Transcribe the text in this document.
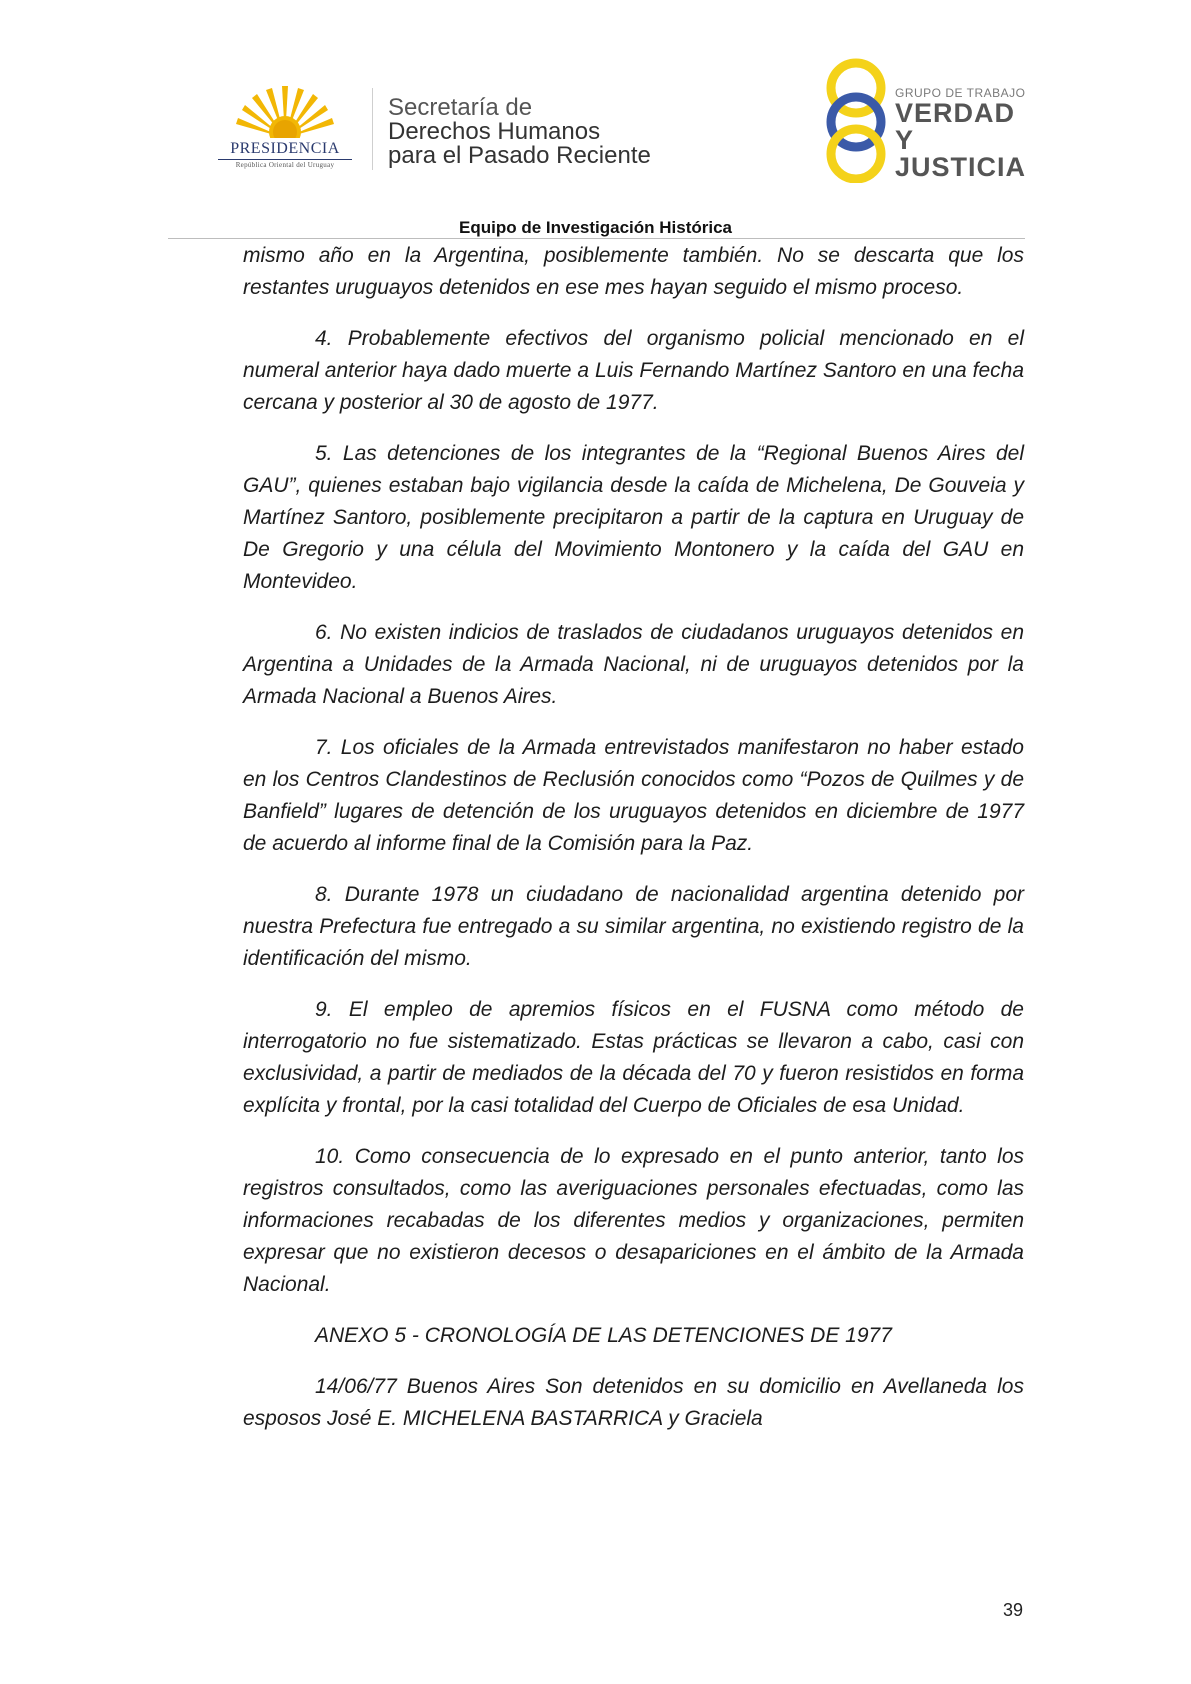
PRESIDENCIA
República Oriental del Uruguay
Secretaría de
Derechos Humanos
para el Pasado Reciente
GRUPO DE TRABAJO
VERDAD Y
JUSTICIA
Equipo de Investigación Histórica

mismo año en la Argentina, posiblemente también. No se descarta que los restantes uruguayos detenidos en ese mes hayan seguido el mismo proceso.

4. Probablemente efectivos del organismo policial mencionado en el numeral anterior haya dado muerte a Luis Fernando Martínez Santoro en una fecha cercana y posterior al 30 de agosto de 1977.

5. Las detenciones de los integrantes de la “Regional Buenos Aires del GAU”, quienes estaban bajo vigilancia desde la caída de Michelena, De Gouveia y Martínez Santoro, posiblemente precipitaron a partir de la captura en Uruguay de De Gregorio y una célula del Movimiento Montonero y la caída del GAU en Montevideo.

6. No existen indicios de traslados de ciudadanos uruguayos detenidos en Argentina a Unidades de la Armada Nacional, ni de uruguayos detenidos por la Armada Nacional a Buenos Aires.

7. Los oficiales de la Armada entrevistados manifestaron no haber estado en los Centros Clandestinos de Reclusión conocidos como “Pozos de Quilmes y de Banfield” lugares de detención de los uruguayos detenidos en diciembre de 1977 de acuerdo al informe final de la Comisión para la Paz.

8. Durante 1978 un ciudadano de nacionalidad argentina detenido por nuestra Prefectura fue entregado a su similar argentina, no existiendo registro de la identificación del mismo.

9. El empleo de apremios físicos en el FUSNA como método de interrogatorio no fue sistematizado. Estas prácticas se llevaron a cabo, casi con exclusividad, a partir de mediados de la década del 70 y fueron resistidos en forma explícita y frontal, por la casi totalidad del Cuerpo de Oficiales de esa Unidad.

10. Como consecuencia de lo expresado en el punto anterior, tanto los registros consultados, como las averiguaciones personales efectuadas, como las informaciones recabadas de los diferentes medios y organizaciones, permiten expresar que no existieron decesos o desapariciones en el ámbito de la Armada Nacional.

ANEXO 5 - CRONOLOGÍA DE LAS DETENCIONES DE 1977

14/06/77 Buenos Aires Son detenidos en su domicilio en Avellaneda los esposos José E. MICHELENA BASTARRICA y Graciela

39
